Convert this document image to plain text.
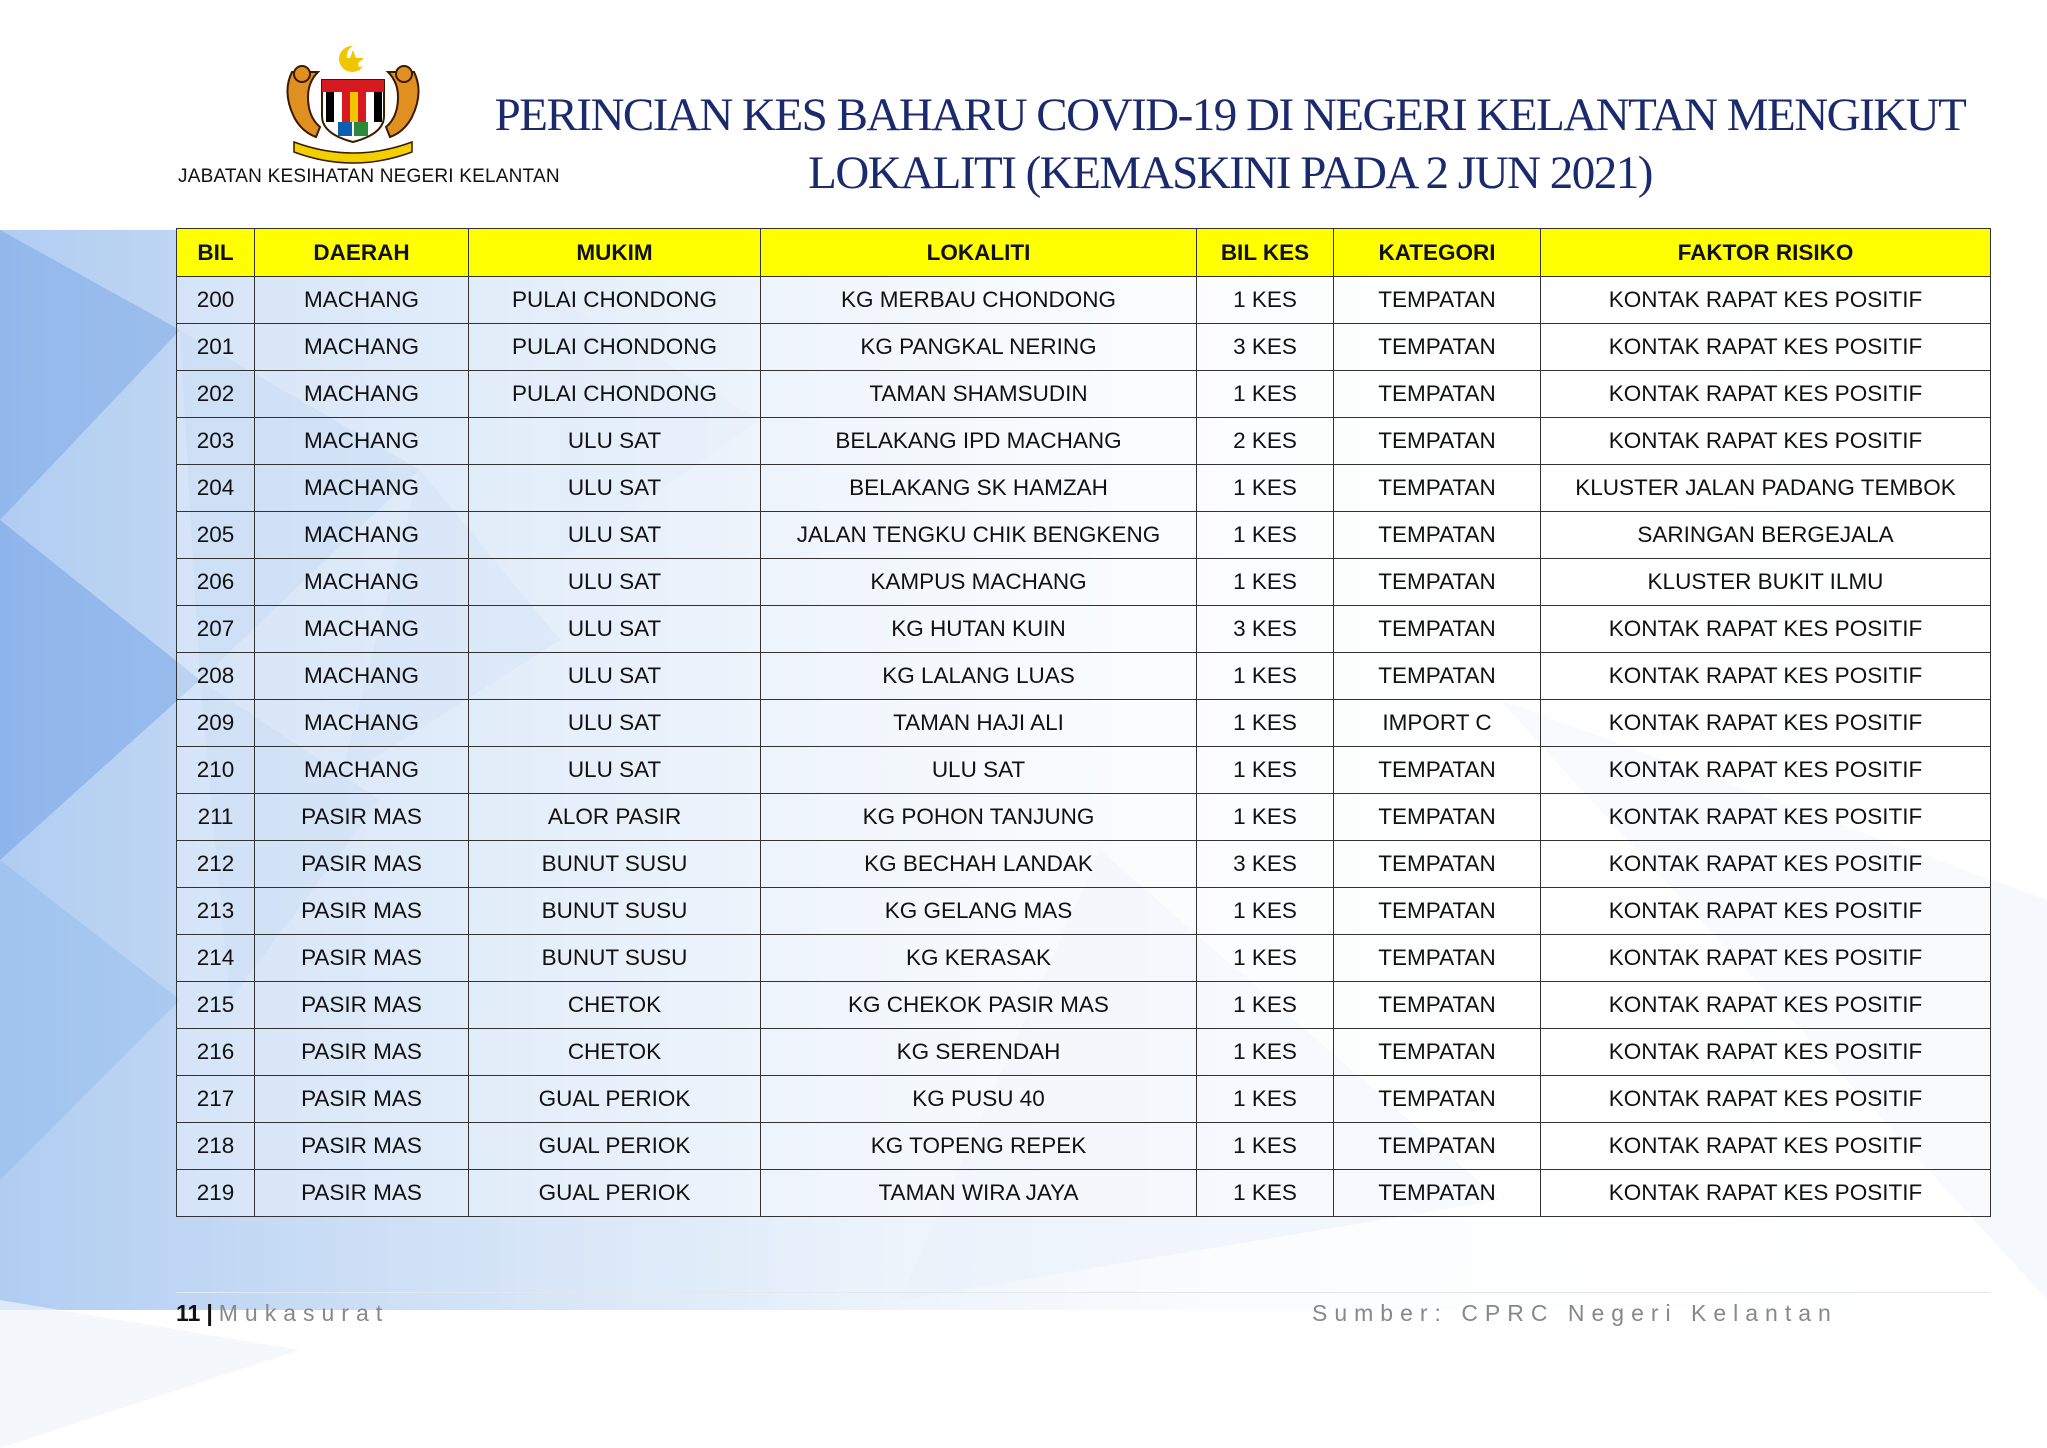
JABATAN KESIHATAN NEGERI KELANTAN
PERINCIAN KES BAHARU COVID-19 DI NEGERI KELANTAN MENGIKUT
LOKALITI (KEMASKINI PADA 2 JUN 2021)
BIL	DAERAH	MUKIM	LOKALITI	BIL KES	KATEGORI	FAKTOR RISIKO
200	MACHANG	PULAI CHONDONG	KG MERBAU CHONDONG	1 KES	TEMPATAN	KONTAK RAPAT KES POSITIF
201	MACHANG	PULAI CHONDONG	KG PANGKAL NERING	3 KES	TEMPATAN	KONTAK RAPAT KES POSITIF
202	MACHANG	PULAI CHONDONG	TAMAN SHAMSUDIN	1 KES	TEMPATAN	KONTAK RAPAT KES POSITIF
203	MACHANG	ULU SAT	BELAKANG IPD MACHANG	2 KES	TEMPATAN	KONTAK RAPAT KES POSITIF
204	MACHANG	ULU SAT	BELAKANG SK HAMZAH	1 KES	TEMPATAN	KLUSTER JALAN PADANG TEMBOK
205	MACHANG	ULU SAT	JALAN TENGKU CHIK BENGKENG	1 KES	TEMPATAN	SARINGAN BERGEJALA
206	MACHANG	ULU SAT	KAMPUS MACHANG	1 KES	TEMPATAN	KLUSTER BUKIT ILMU
207	MACHANG	ULU SAT	KG HUTAN KUIN	3 KES	TEMPATAN	KONTAK RAPAT KES POSITIF
208	MACHANG	ULU SAT	KG LALANG LUAS	1 KES	TEMPATAN	KONTAK RAPAT KES POSITIF
209	MACHANG	ULU SAT	TAMAN HAJI ALI	1 KES	IMPORT C	KONTAK RAPAT KES POSITIF
210	MACHANG	ULU SAT	ULU SAT	1 KES	TEMPATAN	KONTAK RAPAT KES POSITIF
211	PASIR MAS	ALOR PASIR	KG POHON TANJUNG	1 KES	TEMPATAN	KONTAK RAPAT KES POSITIF
212	PASIR MAS	BUNUT SUSU	KG BECHAH LANDAK	3 KES	TEMPATAN	KONTAK RAPAT KES POSITIF
213	PASIR MAS	BUNUT SUSU	KG GELANG MAS	1 KES	TEMPATAN	KONTAK RAPAT KES POSITIF
214	PASIR MAS	BUNUT SUSU	KG KERASAK	1 KES	TEMPATAN	KONTAK RAPAT KES POSITIF
215	PASIR MAS	CHETOK	KG CHEKOK PASIR MAS	1 KES	TEMPATAN	KONTAK RAPAT KES POSITIF
216	PASIR MAS	CHETOK	KG SERENDAH	1 KES	TEMPATAN	KONTAK RAPAT KES POSITIF
217	PASIR MAS	GUAL PERIOK	KG PUSU 40	1 KES	TEMPATAN	KONTAK RAPAT KES POSITIF
218	PASIR MAS	GUAL PERIOK	KG TOPENG REPEK	1 KES	TEMPATAN	KONTAK RAPAT KES POSITIF
219	PASIR MAS	GUAL PERIOK	TAMAN WIRA JAYA	1 KES	TEMPATAN	KONTAK RAPAT KES POSITIF
11 | Mukasurat	Sumber: CPRC Negeri Kelantan
